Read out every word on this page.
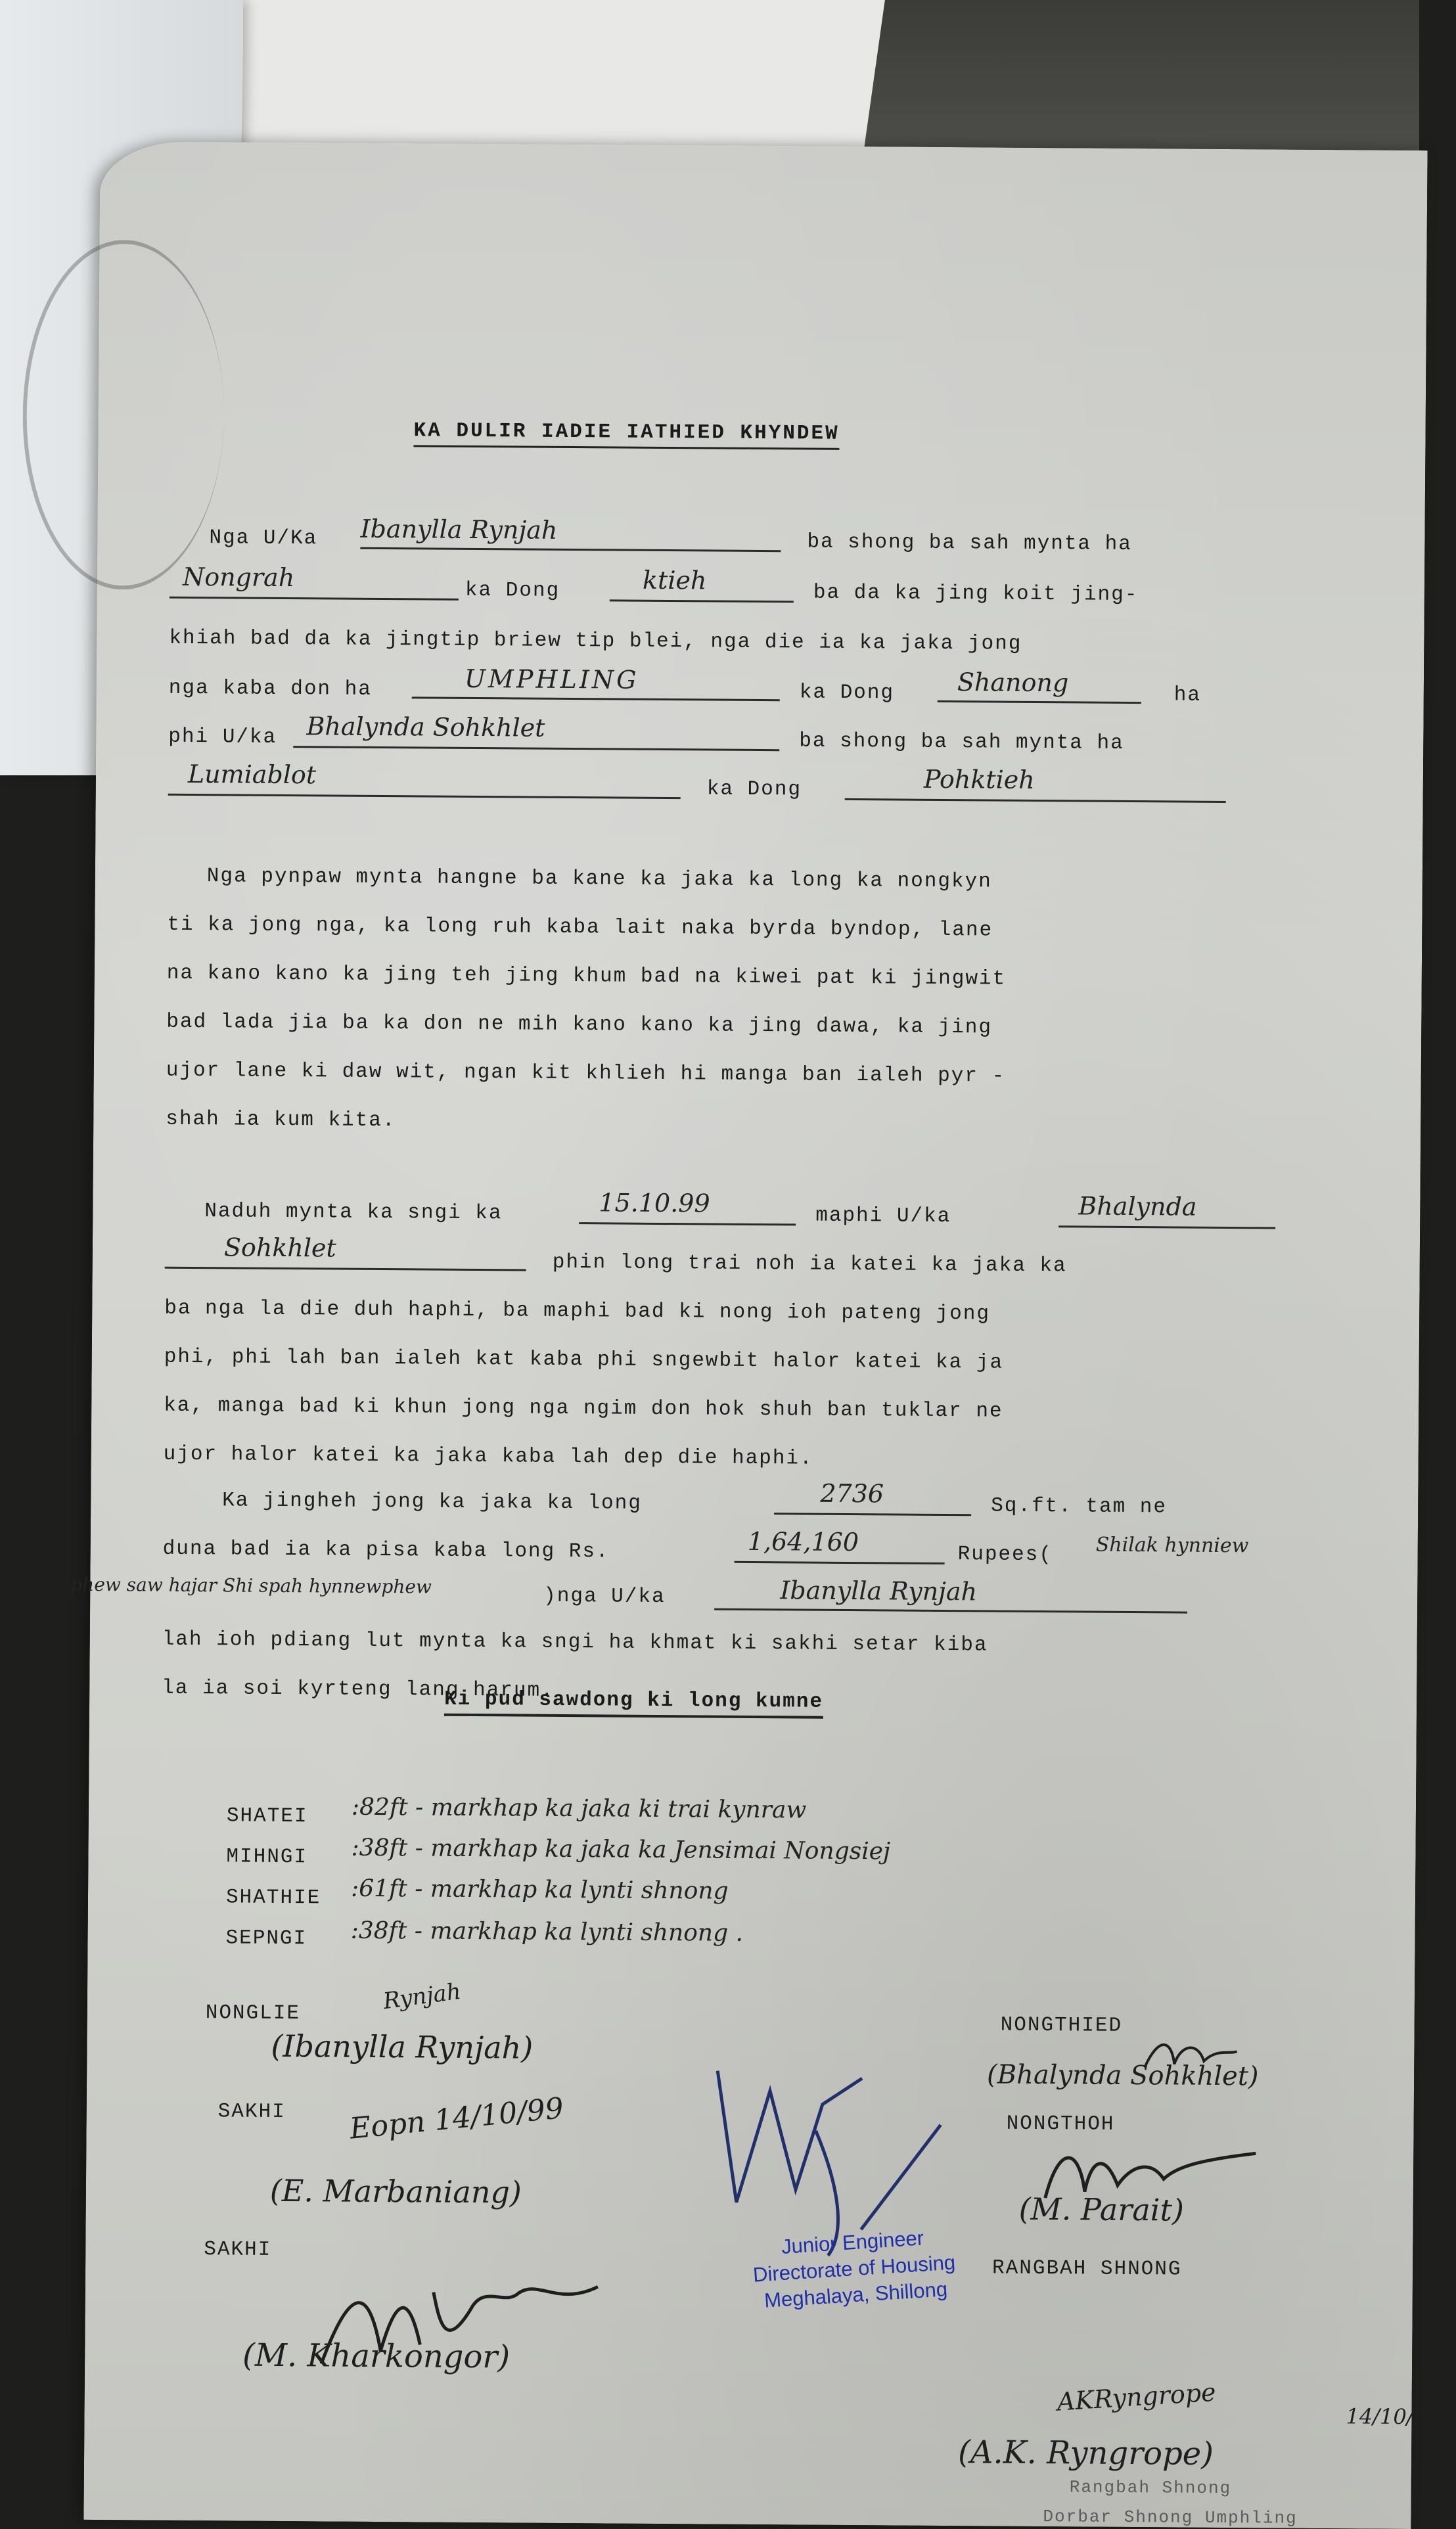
KA DULIR IADIE IATHIED KHYNDEW
Nga U/Ka Ibanylla Rynjah	ba shong ba sah mynta ha
Nongrah	ka Dong	ktieh	ba da ka jing koit jing-
khiah bad da ka jingtip briew tip blei, nga die ia ka jaka jong
nga kaba don ha	UMPHLING	ka Dong	Shanong	ha
phi U/ka Bhalynda Sohkhlet	ba shong ba sah mynta ha
Lumiablot
ka Dong	Pohktieh
Nga pynpaw mynta hangne ba kane ka jaka ka long ka nongkyn
ti ka jong nga, ka long ruh kaba lait naka byrda byndop, lane
na kano kano ka jing teh jing khum bad na kiwei pat ki jingwit
bad lada jia ba ka don ne mih kano kano ka jing dawa, ka jing
ujor lane ki daw wit, ngan kit khlieh hi manga ban ialeh pyr -
shah ia kum kita.
Naduh mynta ka sngi ka	15.10.99	maphi U/ka	Bhalynda
Sohkhlet
phin long trai noh ia katei ka jaka ka
ba nga la die duh haphi, ba maphi bad ki nong ioh pateng jong
phi, phi lah ban ialeh kat kaba phi sngewbit halor katei ka ja
ka, manga bad ki khun jong nga ngim don hok shuh ban tuklar ne
ujor halor katei ka jaka kaba lah dep die haphi.
Ka jingheh jong ka jaka ka long	2736	Sq.ft. tam ne
duna bad ia ka pisa kaba long Rs.	1,64,160	Rupees( Shilak hynniew
phew saw hajar Shi spah hynnewphew	)nga U/ka	Ibanylla Rynjah
lah ioh pdiang lut mynta ka sngi ha khmat ki sakhi setar kiba
la ia soi kyrteng lang harum.
Ki pud sawdong ki long kumne
SHATEI :82ft - markhap ka jaka ki trai kynraw
MIHNGI :38ft - markhap ka jaka ka Jensimai Nongsiej
SHATHIE :61ft - markhap ka lynti shnong
SEPNGI :38ft - markhap ka lynti shnong .
NONGLIE	Rynjah
(Ibanylla Rynjah)
SAKHI Eopn 14/10/99
(E. Marbaniang)
SAKHI
(M. Kharkongor)
NONGTHIED
(Bhalynda Sohkhlet)
NONGTHOH
(M. Parait)
RANGBAH SHNONG
AKRyngrope
(A.K. Ryngrope)
14/10/99
Rangbah Shnong
Dorbar Shnong Umphling
Junior Engineer
Directorate of Housing
Meghalaya, Shillong
